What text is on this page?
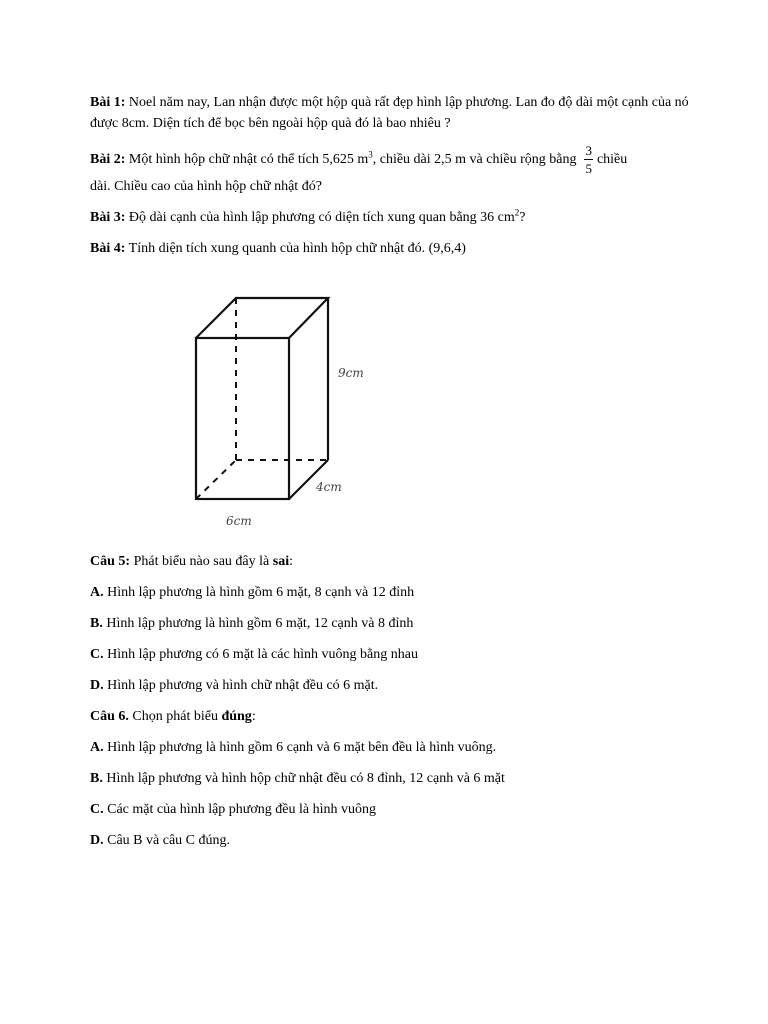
Bài 1: Noel năm nay, Lan nhận được một hộp quà rất đẹp hình lập phương. Lan đo độ dài một cạnh của nó được 8cm. Diện tích để bọc bên ngoài hộp quà đó là bao nhiêu ?

Bài 2: Một hình hộp chữ nhật có thể tích 5,625 $m^3$, chiều dài 2,5 m và chiều rộng bằng $\frac{3}{5}$ chiều

dài. Chiều cao của hình hộp chữ nhật đó?

Bài 3: Độ dài cạnh của hình lập phương có diện tích xung quan bằng 36 $cm^2$?

Bài 4: Tính diện tích xung quanh của hình hộp chữ nhật đó. (9,6,4)

9cm
4cm
6cm

Câu 5: Phát biểu nào sau đây là sai:

A. Hình lập phương là hình gồm 6 mặt, 8 cạnh và 12 đỉnh

B. Hình lập phương là hình gồm 6 mặt, 12 cạnh và 8 đỉnh

C. Hình lập phương có 6 mặt là các hình vuông bằng nhau

D. Hình lập phương và hình chữ nhật đều có 6 mặt.

Câu 6. Chọn phát biểu đúng:

A. Hình lập phương là hình gồm 6 cạnh và 6 mặt bên đều là hình vuông.

B. Hình lập phương và hình hộp chữ nhật đều có 8 đỉnh, 12 cạnh và 6 mặt

C. Các mặt của hình lập phương đều là hình vuông

D. Câu B và câu C đúng.
